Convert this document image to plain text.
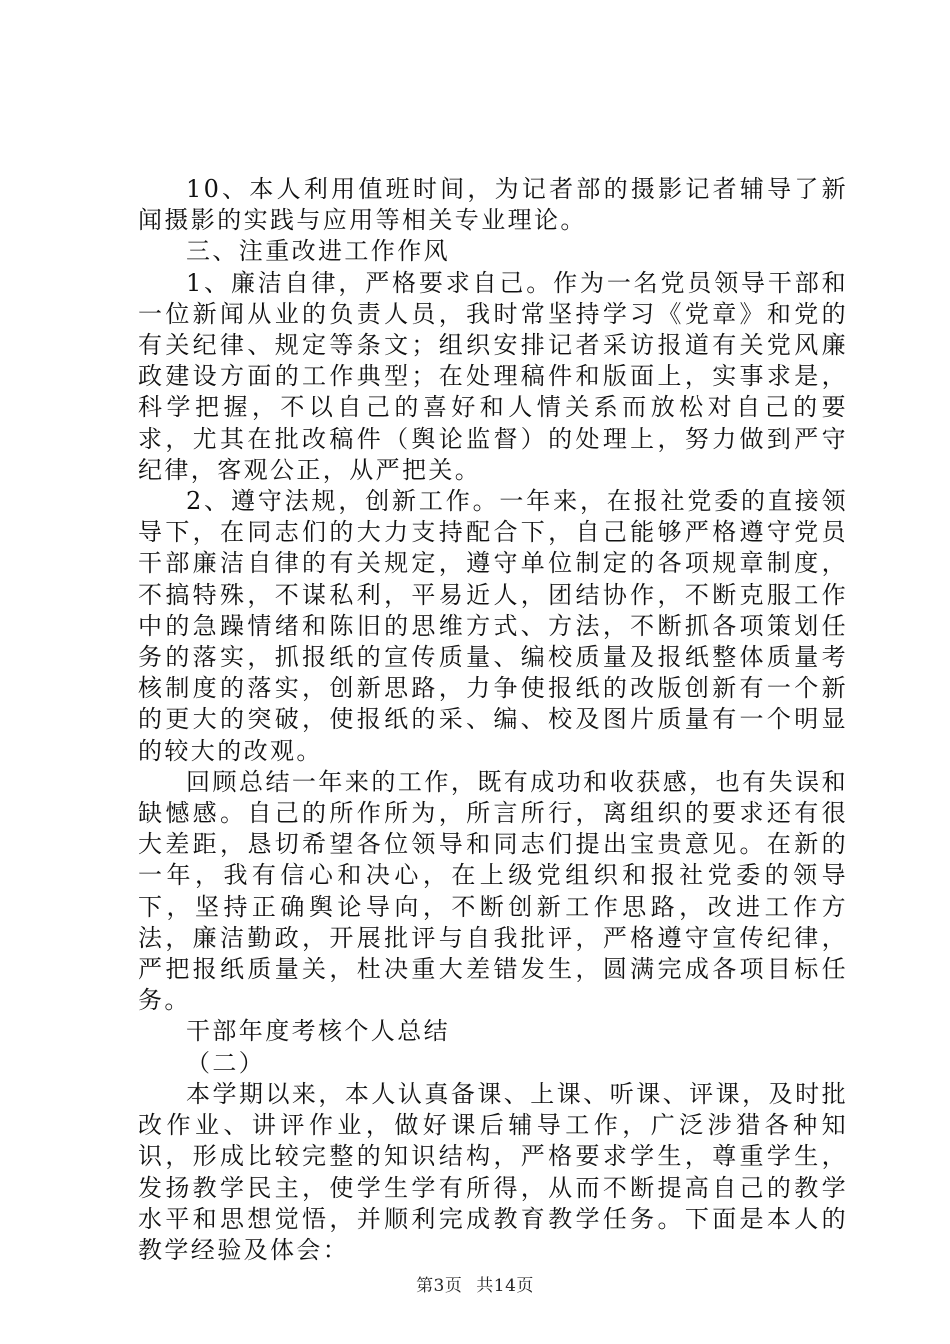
10、本人利用值班时间，为记者部的摄影记者辅导了新闻摄影的实践与应用等相关专业理论。

三、注重改进工作作风

1、廉洁自律，严格要求自己。作为一名党员领导干部和一位新闻从业的负责人员，我时常坚持学习《党章》和党的有关纪律、规定等条文；组织安排记者采访报道有关党风廉政建设方面的工作典型；在处理稿件和版面上，实事求是，科学把握，不以自己的喜好和人情关系而放松对自己的要求，尤其在批改稿件（舆论监督）的处理上，努力做到严守纪律，客观公正，从严把关。

2、遵守法规，创新工作。一年来，在报社党委的直接领导下，在同志们的大力支持配合下，自己能够严格遵守党员干部廉洁自律的有关规定，遵守单位制定的各项规章制度，不搞特殊，不谋私利，平易近人，团结协作，不断克服工作中的急躁情绪和陈旧的思维方式、方法，不断抓各项策划任务的落实，抓报纸的宣传质量、编校质量及报纸整体质量考核制度的落实，创新思路，力争使报纸的改版创新有一个新的更大的突破，使报纸的采、编、校及图片质量有一个明显的较大的改观。

回顾总结一年来的工作，既有成功和收获感，也有失误和缺憾感。自己的所作所为，所言所行，离组织的要求还有很大差距，恳切希望各位领导和同志们提出宝贵意见。在新的一年，我有信心和决心，在上级党组织和报社党委的领导下，坚持正确舆论导向，不断创新工作思路，改进工作方法，廉洁勤政，开展批评与自我批评，严格遵守宣传纪律，严把报纸质量关，杜决重大差错发生，圆满完成各项目标任务。

干部年度考核个人总结

（二）

本学期以来，本人认真备课、上课、听课、评课，及时批改作业、讲评作业，做好课后辅导工作，广泛涉猎各种知识，形成比较完整的知识结构，严格要求学生，尊重学生，发扬教学民主，使学生学有所得，从而不断提高自己的教学水平和思想觉悟，并顺利完成教育教学任务。下面是本人的教学经验及体会：

第3页 共14页
